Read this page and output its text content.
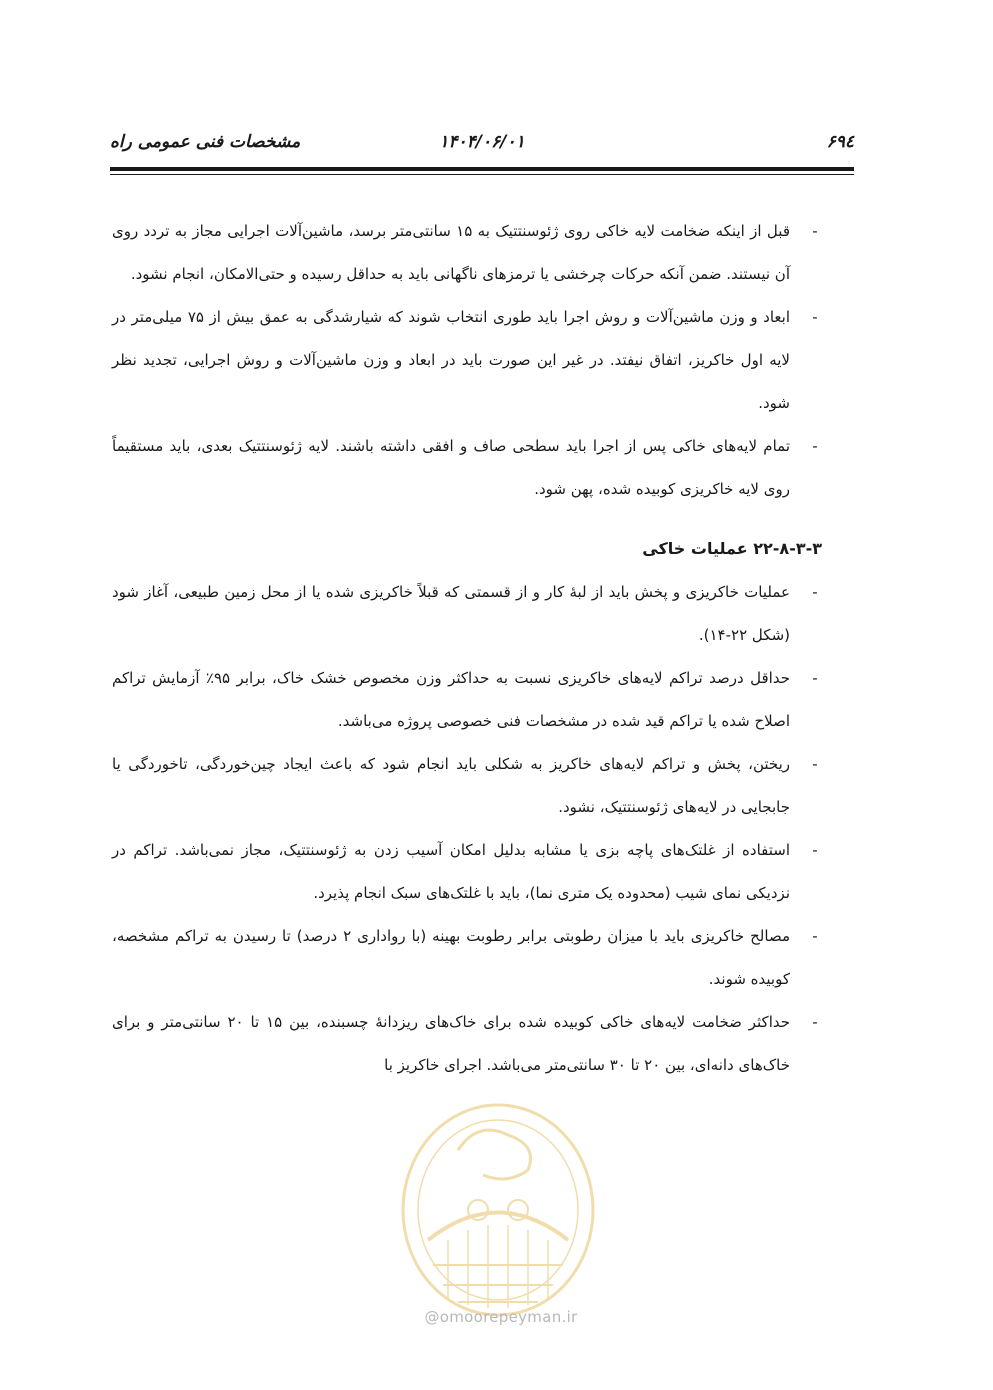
۶۹٤
۱۴۰۴/۰۶/۰۱
مشخصات فنی عمومی راه

-
قبل از اینکه ضخامت لایه خاکی روی ژئوسنتتیک به ۱۵ سانتی‌متر برسد، ماشین‌آلات اجرایی مجاز به تردد روی آن نیستند. ضمن آنکه حرکات چرخشی یا ترمزهای ناگهانی باید به حداقل رسیده و حتی‌الامکان، انجام نشود.

-
ابعاد و وزن ماشین‌آلات و روش اجرا باید طوری انتخاب شوند که شیارشدگی به عمق بیش از ۷۵ میلی‌متر در لایه اول خاکریز، اتفاق نیفتد. در غیر این صورت باید در ابعاد و وزن ماشین‌آلات و روش اجرایی، تجدید نظر شود.

-
تمام لایه‌های خاکی پس از اجرا باید سطحی صاف و افقی داشته باشند. لایه ژئوسنتتیک بعدی، باید مستقیماً روی لایه خاکریزی کوبیده شده، پهن شود.

۲۲-۸-۳-۳ عملیات خاکی

-
عملیات خاکریزی و پخش باید از لبهٔ کار و از قسمتی که قبلاً خاکریزی شده یا از محل زمین طبیعی، آغاز شود (شکل ۲۲-۱۴).

-
حداقل درصد تراکم لایه‌های خاکریزی نسبت به حداکثر وزن مخصوص خشک خاک، برابر ۹۵٪ آزمایش تراکم اصلاح شده یا تراکم قید شده در مشخصات فنی خصوصی پروژه می‌باشد.

-
ریختن، پخش و تراکم لایه‌های خاکریز به شکلی باید انجام شود که باعث ایجاد چین‌خوردگی، تاخوردگی یا جابجایی در لایه‌های ژئوسنتتیک، نشود.

-
استفاده از غلتک‌های پاچه بزی یا مشابه بدلیل امکان آسیب زدن به ژئوسنتتیک، مجاز نمی‌باشد. تراکم در نزدیکی نمای شیب (محدوده یک متری نما)، باید با غلتک‌های سبک انجام پذیرد.

-
مصالح خاکریزی باید با میزان رطوبتی برابر رطوبت بهینه (با رواداری ۲ درصد) تا رسیدن به تراکم مشخصه، کوبیده شوند.

-
حداکثر ضخامت لایه‌های خاکی کوبیده شده برای خاک‌های ریزدانهٔ چسبنده، بین ۱۵ تا ۲۰ سانتی‌متر و برای خاک‌های دانه‌ای، بین ۲۰ تا ۳۰ سانتی‌متر می‌باشد. اجرای خاکریز با

@omoorepeyman.ir
